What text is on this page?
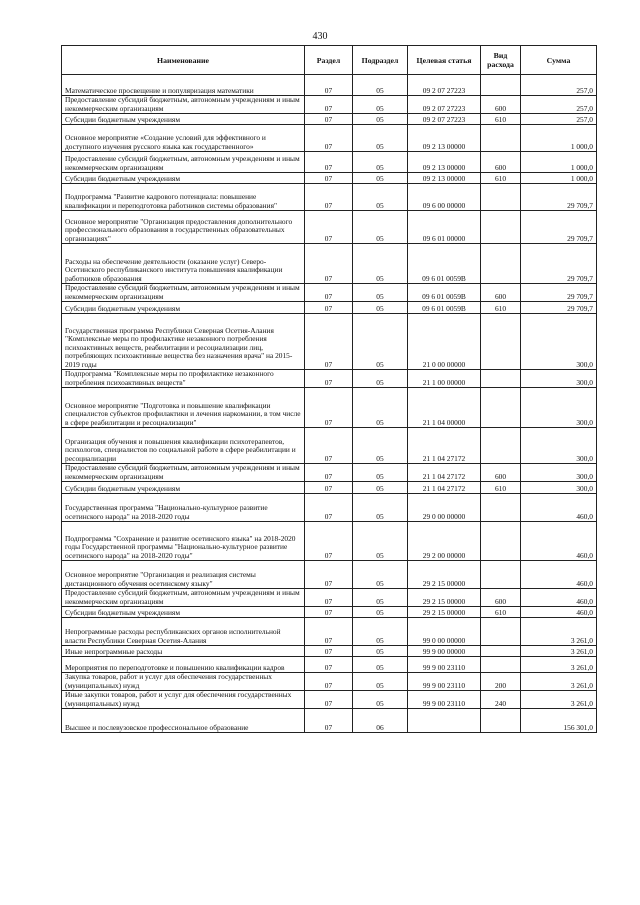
430
Наименование	Раздел	Подраздел	Целевая статья	Вид расхода	Сумма
Математическое просвещение и популяризация математики	07	05	09 2 07 27223		257,0
Предоставление субсидий бюджетным, автономным учреждениям и иным некоммерческим организациям	07	05	09 2 07 27223	600	257,0
Субсидии бюджетным учреждениям	07	05	09 2 07 27223	610	257,0
Основное мероприятие «Создание условий для эффективного и доступного изучения русского языка как государственного»	07	05	09 2 13 00000		1 000,0
Предоставление субсидий бюджетным, автономным учреждениям и иным некоммерческим организациям	07	05	09 2 13 00000	600	1 000,0
Субсидии бюджетным учреждениям	07	05	09 2 13 00000	610	1 000,0
Подпрограмма "Развитие кадрового потенциала: повышение квалификации и переподготовка работников системы образования"	07	05	09 6 00 00000		29 709,7
Основное мероприятие "Организация предоставления дополнительного профессионального образования в государственных образовательных организациях"	07	05	09 6 01 00000		29 709,7
Расходы на обеспечение деятельности (оказание услуг) Северо-Осетинского республиканского института повышения квалификации работников образования	07	05	09 6 01 0059В		29 709,7
Предоставление субсидий бюджетным, автономным учреждениям и иным некоммерческим организациям	07	05	09 6 01 0059В	600	29 709,7
Субсидии бюджетным учреждениям	07	05	09 6 01 0059В	610	29 709,7
Государственная программа Республики Северная Осетия-Алания "Комплексные меры по профилактике незаконного потребления психоактивных веществ, реабилитации и ресоциализации лиц, потребляющих психоактивные вещества без назначения врача" на 2015-2019 годы	07	05	21 0 00 00000		300,0
Подпрограмма "Комплексные меры по профилактике незаконного потребления психоактивных веществ"	07	05	21 1 00 00000		300,0
Основное мероприятие "Подготовка и повышение квалификации специалистов субъектов профилактики и лечения наркомании, в том числе в сфере реабилитации и ресоциализации"	07	05	21 1 04 00000		300,0
Организация обучения и повышения квалификации психотерапевтов, психологов, специалистов по социальной работе в сфере реабилитации и ресоциализации	07	05	21 1 04 27172		300,0
Предоставление субсидий бюджетным, автономным учреждениям и иным некоммерческим организациям	07	05	21 1 04 27172	600	300,0
Субсидии бюджетным учреждениям	07	05	21 1 04 27172	610	300,0
Государственная программа "Национально-культурное развитие осетинского народа" на 2018-2020 годы	07	05	29 0 00 00000		460,0
Подпрограмма "Сохранение и развитие осетинского языка" на 2018-2020 годы Государственной программы "Национально-культурное развитие осетинского народа" на 2018-2020 годы"	07	05	29 2 00 00000		460,0
Основное мероприятие "Организация и реализация системы дистанционного обучения осетинскому языку"	07	05	29 2 15 00000		460,0
Предоставление субсидий бюджетным, автономным учреждениям и иным некоммерческим организациям	07	05	29 2 15 00000	600	460,0
Субсидии бюджетным учреждениям	07	05	29 2 15 00000	610	460,0
Непрограммные расходы республиканских органов исполнительной власти Республики Северная Осетия-Алания	07	05	99 0 00 00000		3 261,0
Иные непрограммные расходы	07	05	99 9 00 00000		3 261,0
Мероприятия по переподготовке и повышению квалификации кадров	07	05	99 9 00 23110		3 261,0
Закупка товаров, работ и услуг для обеспечения государственных (муниципальных) нужд	07	05	99 9 00 23110	200	3 261,0
Иные закупки товаров, работ и услуг для обеспечения государственных (муниципальных) нужд	07	05	99 9 00 23110	240	3 261,0
Высшее и послевузовское профессиональное образование	07	06			156 301,0
